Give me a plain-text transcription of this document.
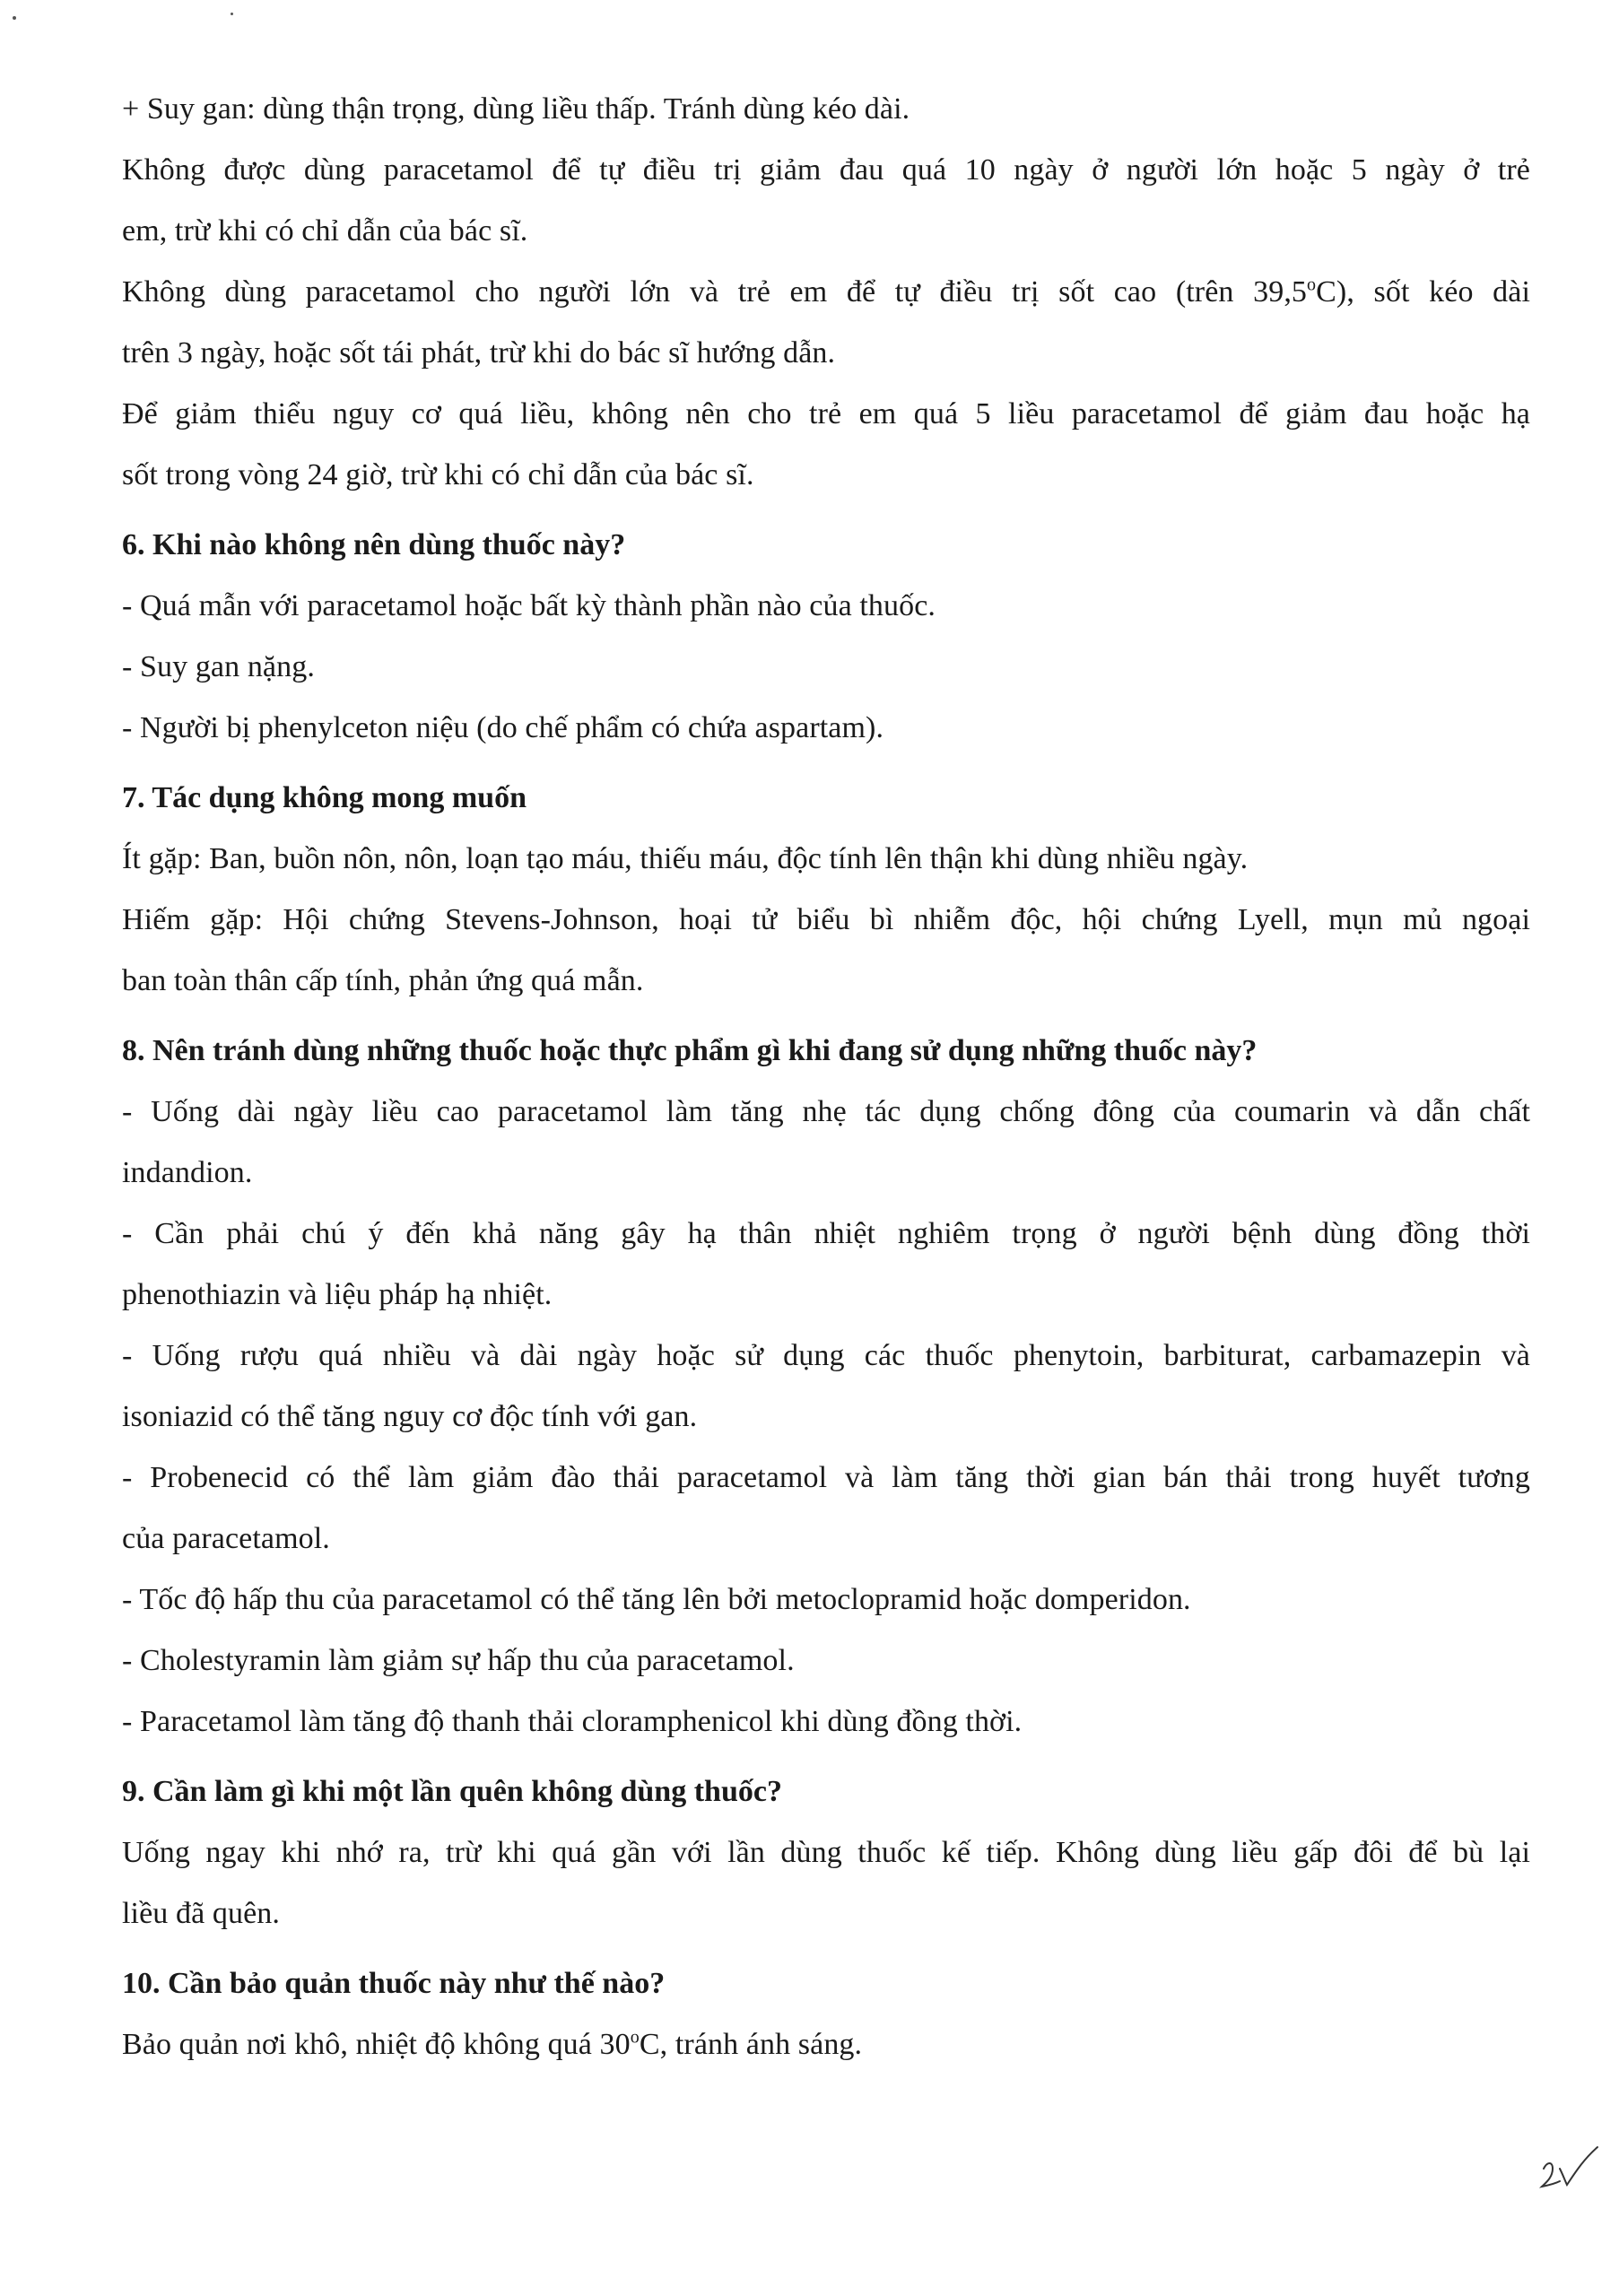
+ Suy gan: dùng thận trọng, dùng liều thấp. Tránh dùng kéo dài.
Không được dùng paracetamol để tự điều trị giảm đau quá 10 ngày ở người lớn hoặc 5 ngày ở trẻ
em, trừ khi có chỉ dẫn của bác sĩ.
Không dùng paracetamol cho người lớn và trẻ em để tự điều trị sốt cao (trên 39,5$^o$C), sốt kéo dài
trên 3 ngày, hoặc sốt tái phát, trừ khi do bác sĩ hướng dẫn.
Để giảm thiểu nguy cơ quá liều, không nên cho trẻ em quá 5 liều paracetamol để giảm đau hoặc hạ
sốt trong vòng 24 giờ, trừ khi có chỉ dẫn của bác sĩ.
6. Khi nào không nên dùng thuốc này?
- Quá mẫn với paracetamol hoặc bất kỳ thành phần nào của thuốc.
- Suy gan nặng.
- Người bị phenylceton niệu (do chế phẩm có chứa aspartam).
7. Tác dụng không mong muốn
Ít gặp: Ban, buồn nôn, nôn, loạn tạo máu, thiếu máu, độc tính lên thận khi dùng nhiều ngày.
Hiếm gặp: Hội chứng Stevens-Johnson, hoại tử biểu bì nhiễm độc, hội chứng Lyell, mụn mủ ngoại
ban toàn thân cấp tính, phản ứng quá mẫn.
8. Nên tránh dùng những thuốc hoặc thực phẩm gì khi đang sử dụng những thuốc này?
- Uống dài ngày liều cao paracetamol làm tăng nhẹ tác dụng chống đông của coumarin và dẫn chất
indandion.
- Cần phải chú ý đến khả năng gây hạ thân nhiệt nghiêm trọng ở người bệnh dùng đồng thời
phenothiazin và liệu pháp hạ nhiệt.
- Uống rượu quá nhiều và dài ngày hoặc sử dụng các thuốc phenytoin, barbiturat, carbamazepin và
isoniazid có thể tăng nguy cơ độc tính với gan.
- Probenecid có thể làm giảm đào thải paracetamol và làm tăng thời gian bán thải trong huyết tương
của paracetamol.
- Tốc độ hấp thu của paracetamol có thể tăng lên bởi metoclopramid hoặc domperidon.
- Cholestyramin làm giảm sự hấp thu của paracetamol.
- Paracetamol làm tăng độ thanh thải cloramphenicol khi dùng đồng thời.
9. Cần làm gì khi một lần quên không dùng thuốc?
Uống ngay khi nhớ ra, trừ khi quá gần với lần dùng thuốc kế tiếp. Không dùng liều gấp đôi để bù lại
liều đã quên.
10. Cần bảo quản thuốc này như thế nào?
Bảo quản nơi khô, nhiệt độ không quá 30$^o$C, tránh ánh sáng.
